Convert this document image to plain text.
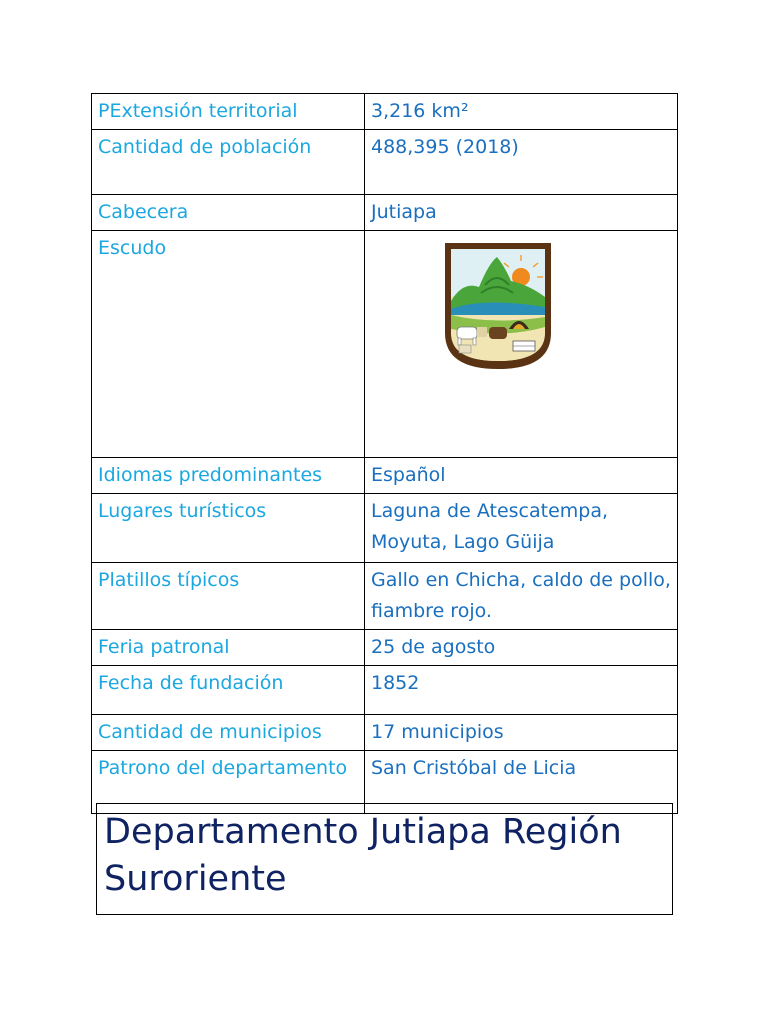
PExtensión territorial	3,216 km²
Cantidad de población	488,395 (2018)
Cabecera	Jutiapa
Escudo	

Idiomas predominantes	Español
Lugares turísticos	Laguna de Atescatempa, Moyuta, Lago Güija
Platillos típicos	Gallo en Chicha, caldo de pollo, fiambre rojo.
Feria patronal	25 de agosto
Fecha de fundación	1852
Cantidad de municipios	17 municipios
Patrono del departamento	San Cristóbal de Licia
Departamento Jutiapa Región Suroriente
